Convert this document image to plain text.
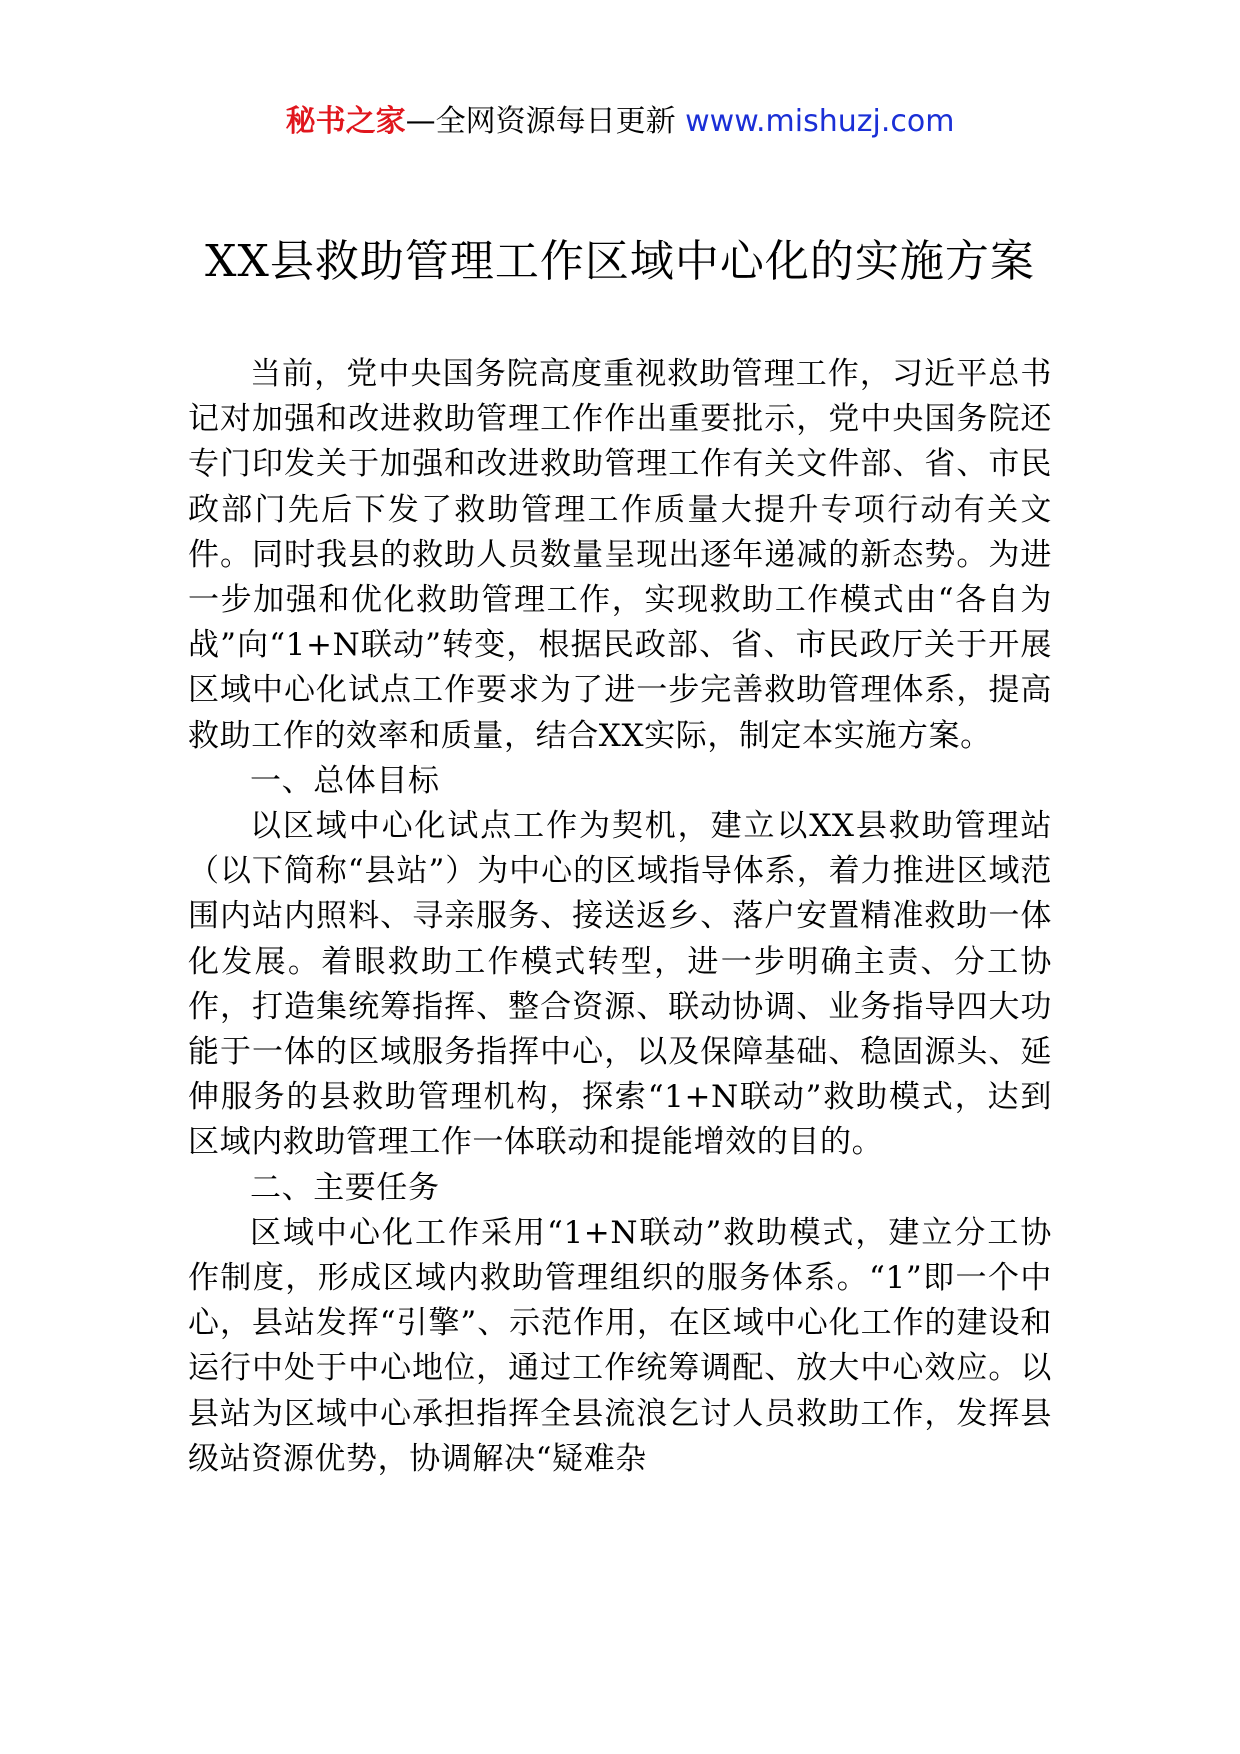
秘书之家—全网资源每日更新 www.mishuzj.com
XX县救助管理工作区域中心化的实施方案

当前，党中央国务院高度重视救助管理工作，习近平总书记对加强和改进救助管理工作作出重要批示，党中央国务院还专门印发关于加强和改进救助管理工作有关文件部、省、市民政部门先后下发了救助管理工作质量大提升专项行动有关文件。同时我县的救助人员数量呈现出逐年递减的新态势。为进一步加强和优化救助管理工作，实现救助工作模式由“各自为战”向“1+N联动”转变，根据民政部、省、市民政厅关于开展区域中心化试点工作要求为了进一步完善救助管理体系，提高救助工作的效率和质量，结合XX实际，制定本实施方案。

一、总体目标

以区域中心化试点工作为契机，建立以XX县救助管理站（以下简称“县站”）为中心的区域指导体系，着力推进区域范围内站内照料、寻亲服务、接送返乡、落户安置精准救助一体化发展。着眼救助工作模式转型，进一步明确主责、分工协作，打造集统筹指挥、整合资源、联动协调、业务指导四大功能于一体的区域服务指挥中心，以及保障基础、稳固源头、延伸服务的县救助管理机构，探索“1+N联动”救助模式，达到区域内救助管理工作一体联动和提能增效的目的。

二、主要任务

区域中心化工作采用“1+N联动”救助模式，建立分工协作制度，形成区域内救助管理组织的服务体系。“1”即一个中心，县站发挥“引擎”、示范作用，在区域中心化工作的建设和运行中处于中心地位，通过工作统筹调配、放大中心效应。以县站为区域中心承担指挥全县流浪乞讨人员救助工作，发挥县级站资源优势，协调解决“疑难杂
